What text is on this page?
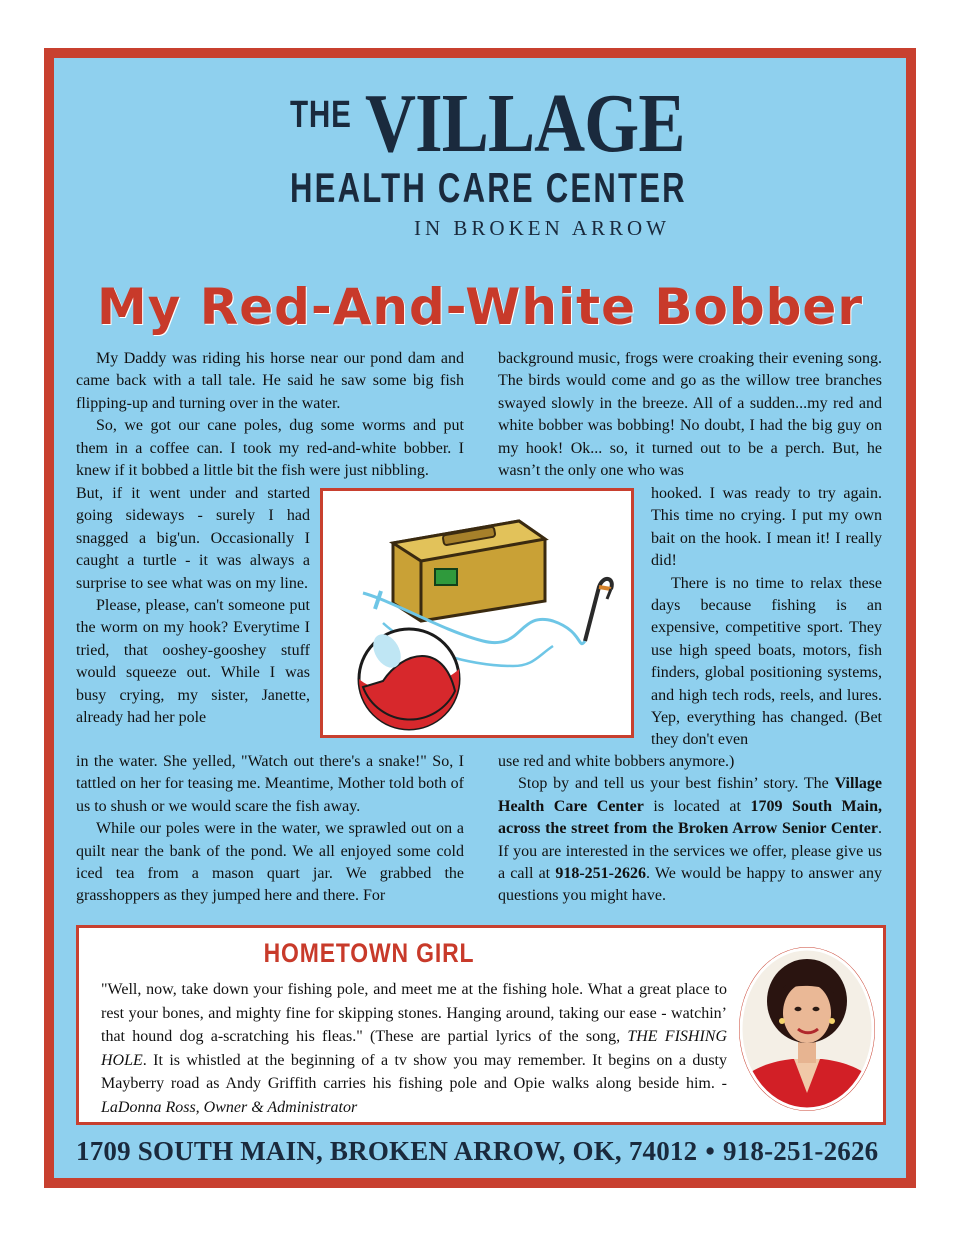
THE VILLAGE
HEALTH CARE CENTER
IN BROKEN ARROW
My Red-And-White Bobber

My Daddy was riding his horse near our pond dam and came back with a tall tale. He said he saw some big fish flipping-up and turning over in the water.

So, we got our cane poles, dug some worms and put them in a coffee can. I took my red-and-white bobber. I knew if it bobbed a little bit the fish were just nibbling.

But, if it went under and started going sideways - surely I had snagged a big'un. Occasionally I caught a turtle - it was always a surprise to see what was on my line.

Please, please, can't someone put the worm on my hook? Everytime I tried, that ooshey-gooshey stuff would squeeze out. While I was busy crying, my sister, Janette, already had her pole

in the water. She yelled, "Watch out there's a snake!" So, I tattled on her for teasing me. Meantime, Mother told both of us to shush or we would scare the fish away.

While our poles were in the water, we sprawled out on a quilt near the bank of the pond. We all enjoyed some cold iced tea from a mason quart jar. We grabbed the grasshoppers as they jumped here and there. For

background music, frogs were croaking their evening song. The birds would come and go as the willow tree branches swayed slowly in the breeze. All of a sudden...my red and white bobber was bobbing! No doubt, I had the big guy on my hook! Ok... so, it turned out to be a perch. But, he wasn’t the only one who was

hooked. I was ready to try again. This time no crying. I put my own bait on the hook. I mean it! I really did!

There is no time to relax these days because fishing is an expensive, competitive sport. They use high speed boats, motors, fish finders, global positioning systems, and high tech rods, reels, and lures. Yep, everything has changed. (Bet they don't even

use red and white bobbers anymore.)

Stop by and tell us your best fishin’ story. The Village Health Care Center is located at 1709 South Main, across the street from the Broken Arrow Senior Center. If you are interested in the services we offer, please give us a call at 918-251-2626. We would be happy to answer any questions you might have.

HOMETOWN GIRL

"Well, now, take down your fishing pole, and meet me at the fishing hole. What a great place to rest your bones, and mighty fine for skipping stones. Hanging around, taking our ease - watchin’ that hound dog a-scratching his fleas." (These are partial lyrics of the song, THE FISHING HOLE. It is whistled at the beginning of a tv show you may remember. It begins on a dusty Mayberry road as Andy Griffith carries his fishing pole and Opie walks along beside him. -LaDonna Ross, Owner & Administrator

1709 SOUTH MAIN, BROKEN ARROW, OK, 74012 • 918-251-2626
